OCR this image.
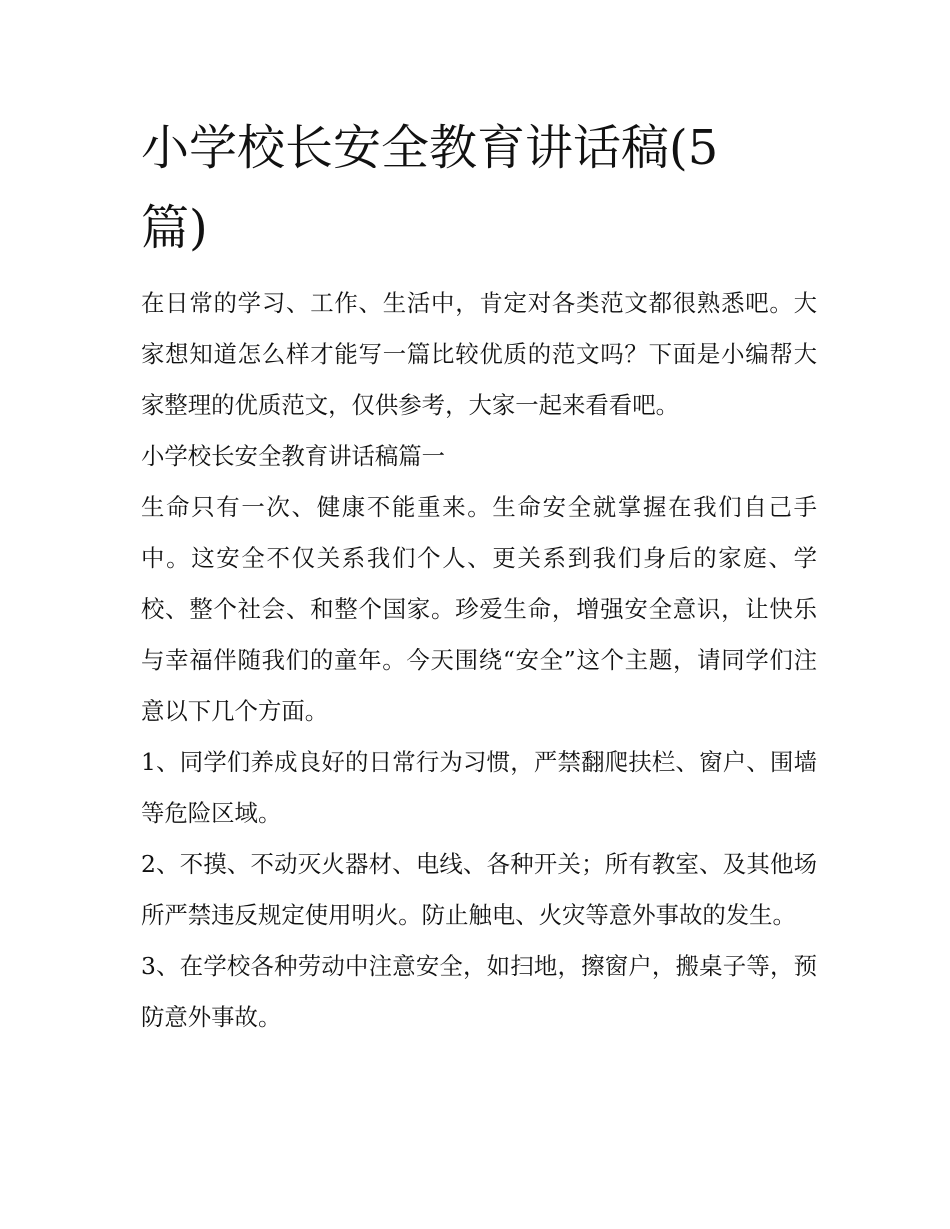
小学校长安全教育讲话稿(5
篇)

在日常的学习、工作、生活中，肯定对各类范文都很熟悉吧。大家想知道怎么样才能写一篇比较优质的范文吗？下面是小编帮大家整理的优质范文，仅供参考，大家一起来看看吧。

小学校长安全教育讲话稿篇一

生命只有一次、健康不能重来。生命安全就掌握在我们自己手中。这安全不仅关系我们个人、更关系到我们身后的家庭、学校、整个社会、和整个国家。珍爱生命，增强安全意识，让快乐与幸福伴随我们的童年。今天围绕“安全”这个主题，请同学们注意以下几个方面。

1、同学们养成良好的日常行为习惯，严禁翻爬扶栏、窗户、围墙等危险区域。

2、不摸、不动灭火器材、电线、各种开关；所有教室、及其他场所严禁违反规定使用明火。防止触电、火灾等意外事故的发生。

3、在学校各种劳动中注意安全，如扫地，擦窗户，搬桌子等，预防意外事故。
